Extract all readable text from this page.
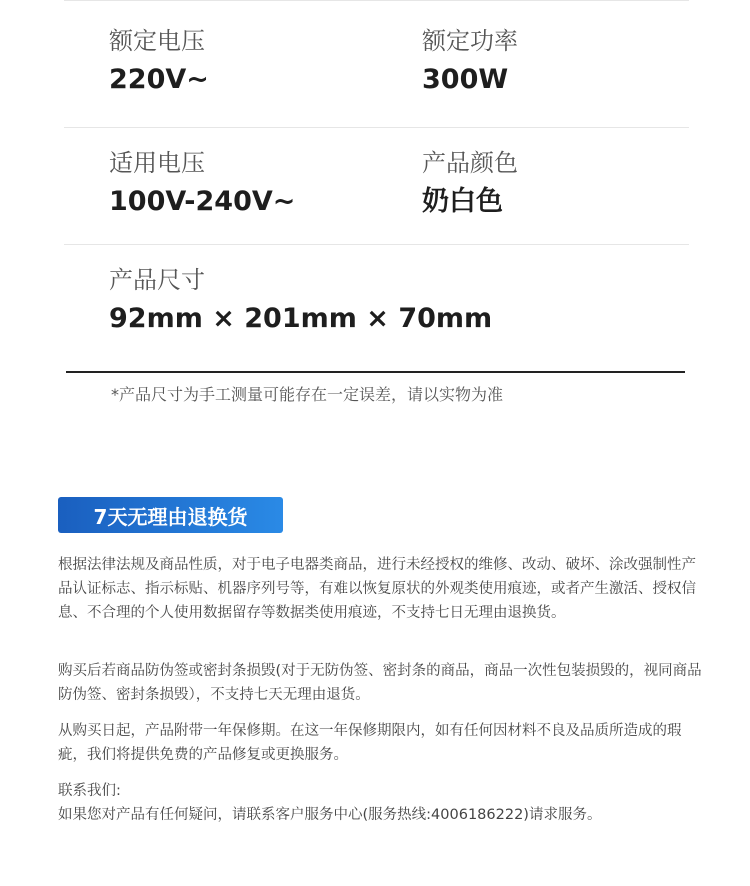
额定电压
220V~
额定功率
300W
适用电压
100V-240V~
产品颜色
奶白色
产品尺寸
92mm × 201mm × 70mm
*产品尺寸为手工测量可能存在一定误差，请以实物为准
7天无理由退换货
根据法律法规及商品性质，对于电子电器类商品，进行未经授权的维修、改动、破坏、涂改强制性产品认证标志、指示标贴、机器序列号等，有难以恢复原状的外观类使用痕迹，或者产生激活、授权信息、不合理的个人使用数据留存等数据类使用痕迹，不支持七日无理由退换货。
购买后若商品防伪签或密封条损毁(对于无防伪签、密封条的商品，商品一次性包装损毁的，视同商品防伪签、密封条损毁），不支持七天无理由退货。
从购买日起，产品附带一年保修期。在这一年保修期限内，如有任何因材料不良及品质所造成的瑕疵，我们将提供免费的产品修复或更换服务。
联系我们:
如果您对产品有任何疑问，请联系客户服务中心(服务热线:4006186222)请求服务。
